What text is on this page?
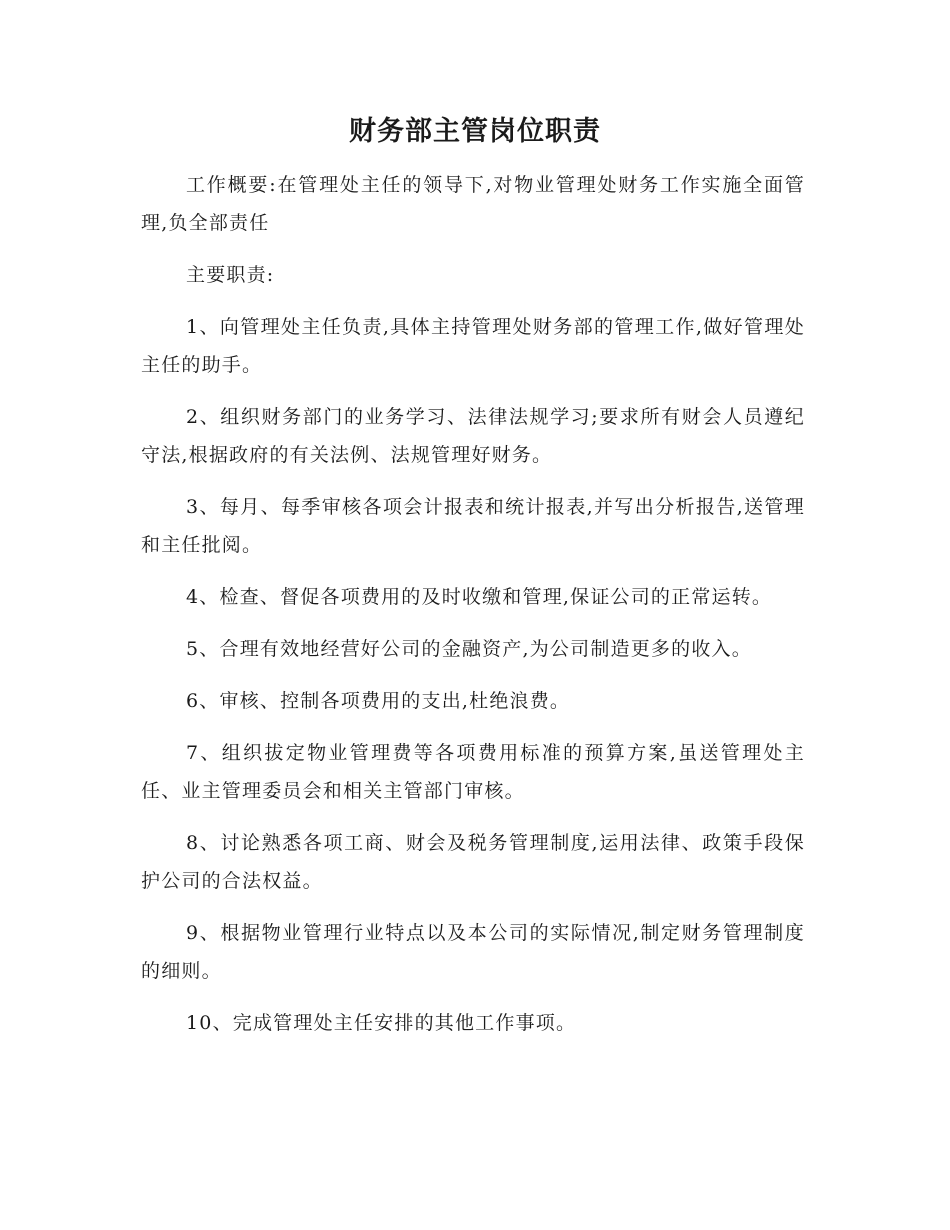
财务部主管岗位职责

工作概要:在管理处主任的领导下,对物业管理处财务工作实施全面管理,负全部责任

主要职责:

1、向管理处主任负责,具体主持管理处财务部的管理工作,做好管理处主任的助手。

2、组织财务部门的业务学习、法律法规学习;要求所有财会人员遵纪守法,根据政府的有关法例、法规管理好财务。

3、每月、每季审核各项会计报表和统计报表,并写出分析报告,送管理和主任批阅。

4、检查、督促各项费用的及时收缴和管理,保证公司的正常运转。

5、合理有效地经营好公司的金融资产,为公司制造更多的收入。

6、审核、控制各项费用的支出,杜绝浪费。

7、组织拔定物业管理费等各项费用标准的预算方案,虽送管理处主任、业主管理委员会和相关主管部门审核。

8、讨论熟悉各项工商、财会及税务管理制度,运用法律、政策手段保护公司的合法权益。

9、根据物业管理行业特点以及本公司的实际情况,制定财务管理制度的细则。

10、完成管理处主任安排的其他工作事项。
